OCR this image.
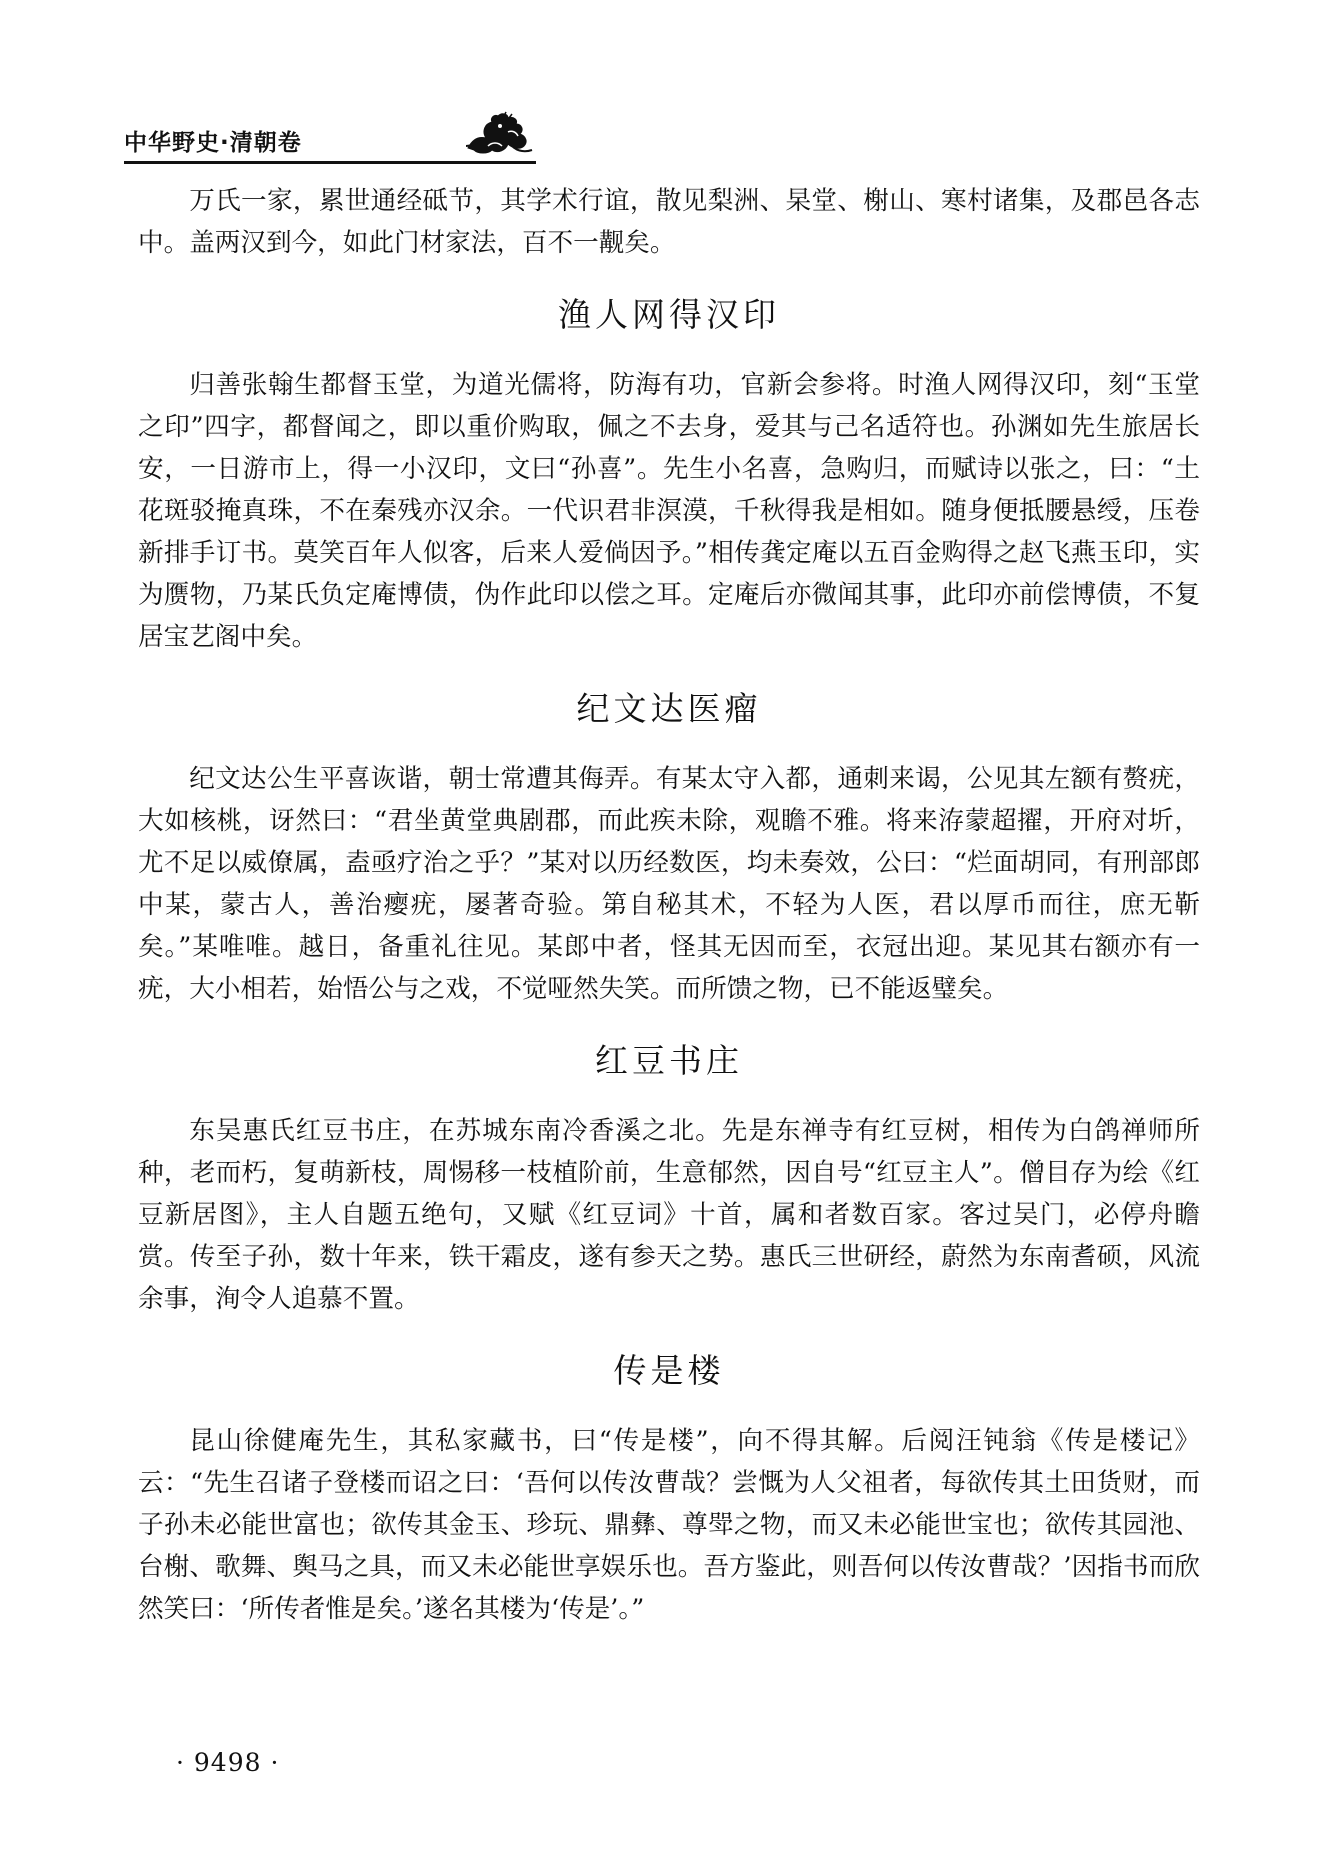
中华野史·清朝卷

万氏一家，累世通经砥节，其学术行谊，散见梨洲、杲堂、榭山、寒村诸集，及郡邑各志中。盖两汉到今，如此门材家法，百不一觏矣。

渔人网得汉印

归善张翰生都督玉堂，为道光儒将，防海有功，官新会参将。时渔人网得汉印，刻“玉堂之印”四字，都督闻之，即以重价购取，佩之不去身，爱其与己名适符也。孙渊如先生旅居长安，一日游市上，得一小汉印，文曰“孙喜”。先生小名喜，急购归，而赋诗以张之，曰：“土花斑驳掩真珠，不在秦残亦汉余。一代识君非溟漠，千秋得我是相如。随身便抵腰悬绶，压卷新排手订书。莫笑百年人似客，后来人爱倘因予。”相传龚定庵以五百金购得之赵飞燕玉印，实为赝物，乃某氏负定庵博债，伪作此印以偿之耳。定庵后亦微闻其事，此印亦前偿博债，不复居宝艺阁中矣。

纪文达医瘤

纪文达公生平喜诙谐，朝士常遭其侮弄。有某太守入都，通刺来谒，公见其左额有赘疣，大如核桃，讶然曰：“君坐黄堂典剧郡，而此疾未除，观瞻不雅。将来洊蒙超擢，开府对圻，尤不足以威僚属，盍亟疗治之乎？”某对以历经数医，均未奏效，公曰：“烂面胡同，有刑部郎中某，蒙古人，善治瘿疣，屡著奇验。第自秘其术，不轻为人医，君以厚币而往，庶无靳矣。”某唯唯。越日，备重礼往见。某郎中者，怪其无因而至，衣冠出迎。某见其右额亦有一疣，大小相若，始悟公与之戏，不觉哑然失笑。而所馈之物，已不能返璧矣。

红豆书庄

东吴惠氏红豆书庄，在苏城东南冷香溪之北。先是东禅寺有红豆树，相传为白鸽禅师所种，老而朽，复萌新枝，周惕移一枝植阶前，生意郁然，因自号“红豆主人”。僧目存为绘《红豆新居图》，主人自题五绝句，又赋《红豆词》十首，属和者数百家。客过吴门，必停舟瞻赏。传至子孙，数十年来，铁干霜皮，遂有参天之势。惠氏三世研经，蔚然为东南耆硕，风流余事，洵令人追慕不置。

传是楼

昆山徐健庵先生，其私家藏书，曰“传是楼”，向不得其解。后阅汪钝翁《传是楼记》云：“先生召诸子登楼而诏之曰：‘吾何以传汝曹哉？尝慨为人父祖者，每欲传其土田货财，而子孙未必能世富也；欲传其金玉、珍玩、鼎彝、尊斝之物，而又未必能世宝也；欲传其园池、台榭、歌舞、舆马之具，而又未必能世享娱乐也。吾方鉴此，则吾何以传汝曹哉？’因指书而欣然笑曰：‘所传者惟是矣。’遂名其楼为‘传是’。”

· 9498 ·
